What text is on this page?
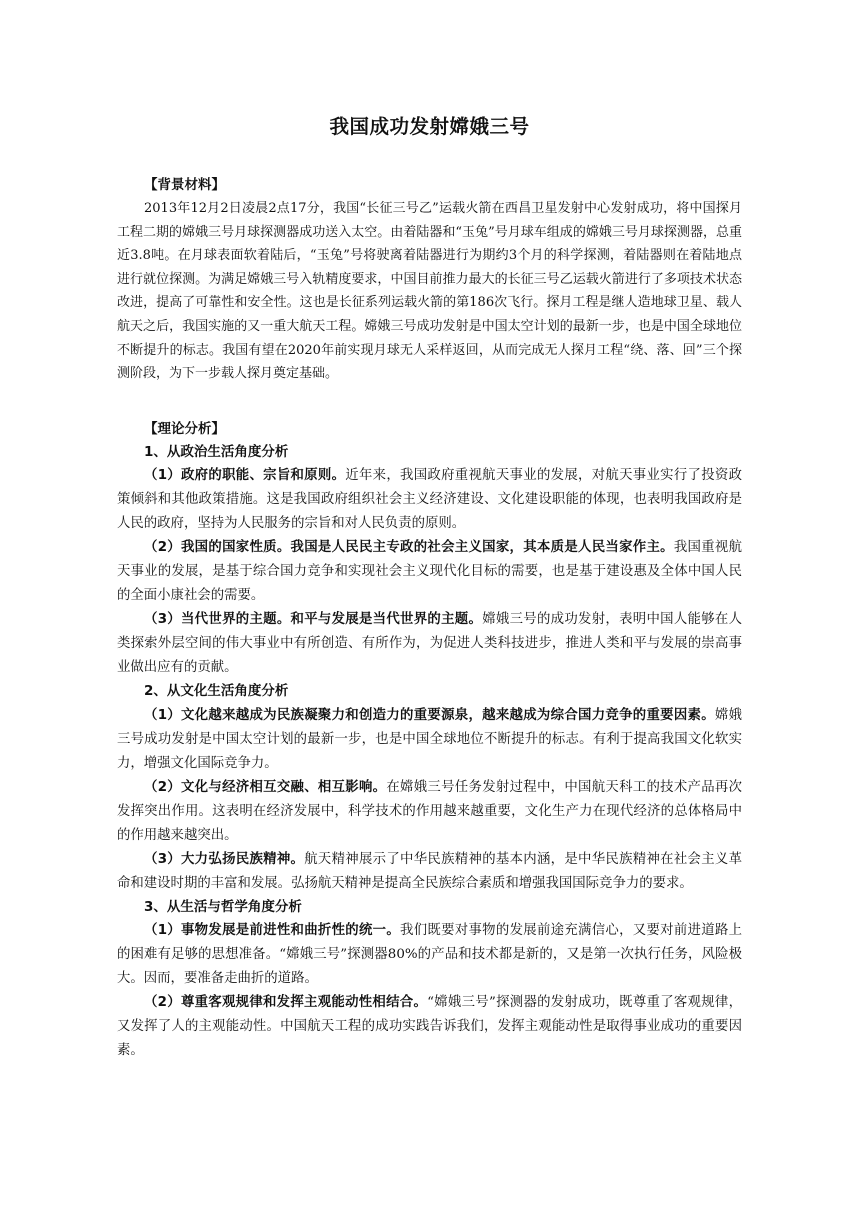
我国成功发射嫦娥三号

【背景材料】

2013年12月2日凌晨2点17分，我国“长征三号乙”运载火箭在西昌卫星发射中心发射成功，将中国探月工程二期的嫦娥三号月球探测器成功送入太空。由着陆器和“玉兔”号月球车组成的嫦娥三号月球探测器，总重近3.8吨。在月球表面软着陆后，“玉兔”号将驶离着陆器进行为期约3个月的科学探测，着陆器则在着陆地点进行就位探测。为满足嫦娥三号入轨精度要求，中国目前推力最大的长征三号乙运载火箭进行了多项技术状态改进，提高了可靠性和安全性。这也是长征系列运载火箭的第186次飞行。探月工程是继人造地球卫星、载人航天之后，我国实施的又一重大航天工程。嫦娥三号成功发射是中国太空计划的最新一步，也是中国全球地位不断提升的标志。我国有望在2020年前实现月球无人采样返回，从而完成无人探月工程“绕、落、回”三个探测阶段，为下一步载人探月奠定基础。

【理论分析】

1、从政治生活角度分析

（1）政府的职能、宗旨和原则。近年来，我国政府重视航天事业的发展，对航天事业实行了投资政策倾斜和其他政策措施。这是我国政府组织社会主义经济建设、文化建设职能的体现，也表明我国政府是人民的政府，坚持为人民服务的宗旨和对人民负责的原则。

（2）我国的国家性质。我国是人民民主专政的社会主义国家，其本质是人民当家作主。我国重视航天事业的发展，是基于综合国力竞争和实现社会主义现代化目标的需要，也是基于建设惠及全体中国人民的全面小康社会的需要。

（3）当代世界的主题。和平与发展是当代世界的主题。嫦娥三号的成功发射，表明中国人能够在人类探索外层空间的伟大事业中有所创造、有所作为，为促进人类科技进步，推进人类和平与发展的崇高事业做出应有的贡献。

2、从文化生活角度分析

（1）文化越来越成为民族凝聚力和创造力的重要源泉，越来越成为综合国力竞争的重要因素。嫦娥三号成功发射是中国太空计划的最新一步，也是中国全球地位不断提升的标志。有利于提高我国文化软实力，增强文化国际竞争力。

（2）文化与经济相互交融、相互影响。在嫦娥三号任务发射过程中，中国航天科工的技术产品再次发挥突出作用。这表明在经济发展中，科学技术的作用越来越重要，文化生产力在现代经济的总体格局中的作用越来越突出。

（3）大力弘扬民族精神。航天精神展示了中华民族精神的基本内涵，是中华民族精神在社会主义革命和建设时期的丰富和发展。弘扬航天精神是提高全民族综合素质和增强我国国际竞争力的要求。

3、从生活与哲学角度分析

（1）事物发展是前进性和曲折性的统一。我们既要对事物的发展前途充满信心，又要对前进道路上的困难有足够的思想准备。“嫦娥三号”探测器80%的产品和技术都是新的，又是第一次执行任务，风险极大。因而，要准备走曲折的道路。

（2）尊重客观规律和发挥主观能动性相结合。“嫦娥三号”探测器的发射成功，既尊重了客观规律，又发挥了人的主观能动性。中国航天工程的成功实践告诉我们，发挥主观能动性是取得事业成功的重要因素。
